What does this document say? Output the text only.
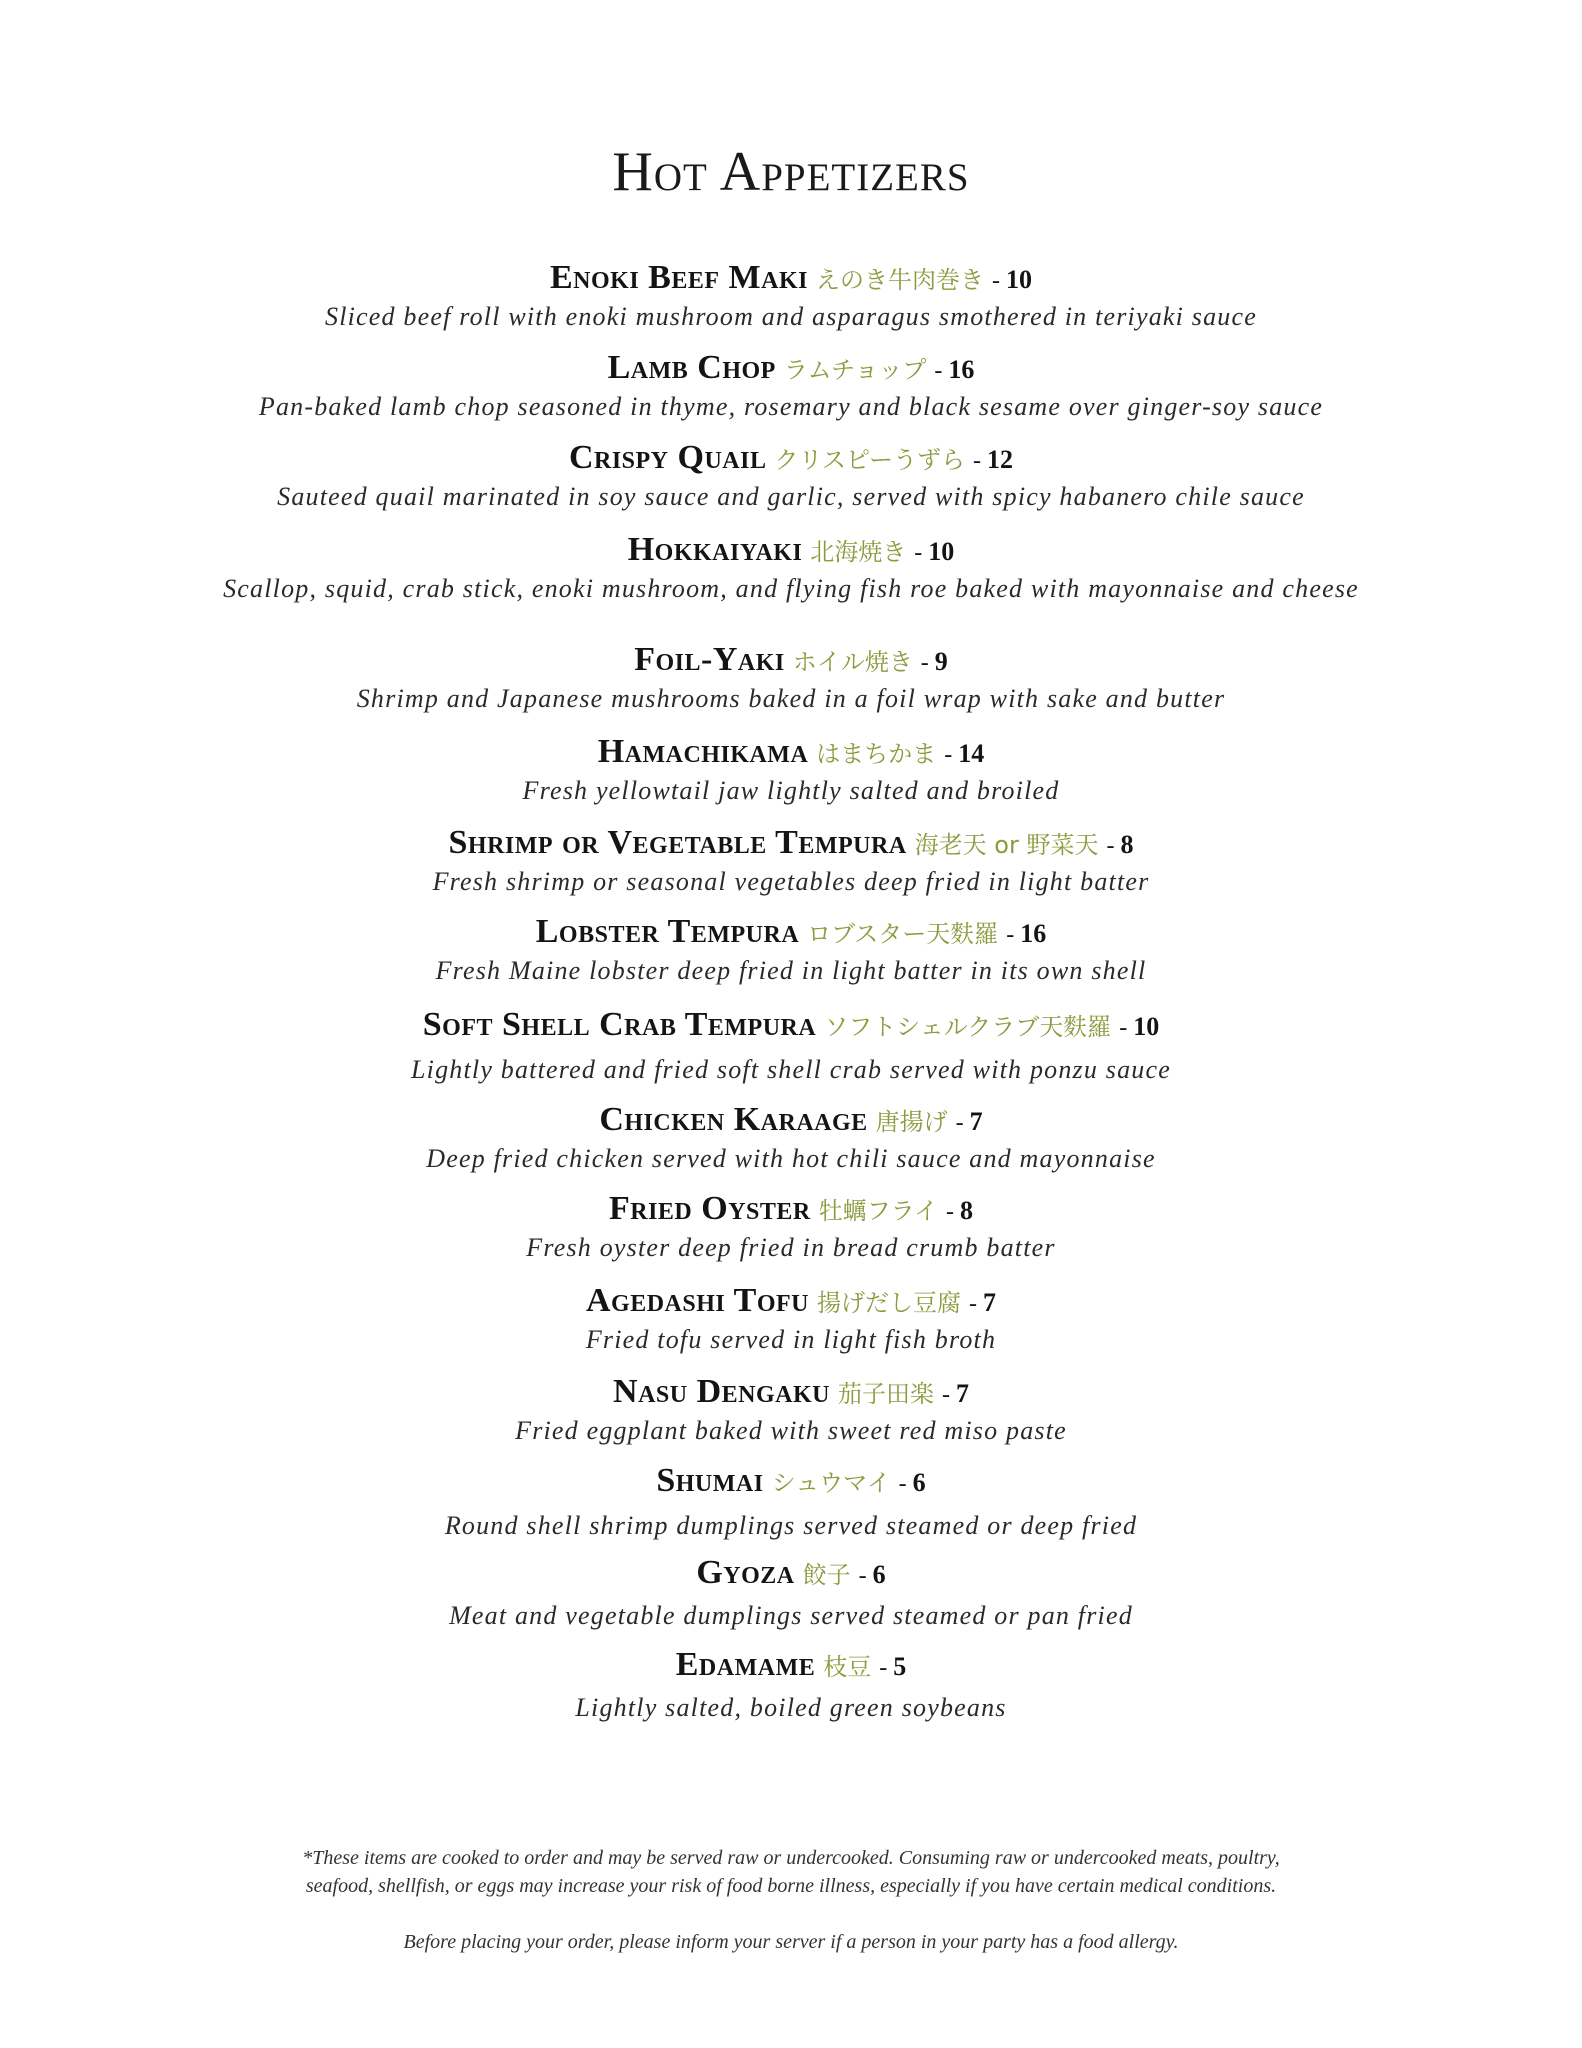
Hot Appetizers
Enoki Beef Maki えのき牛肉巻き - 10
Sliced beef roll with enoki mushroom and asparagus smothered in teriyaki sauce
Lamb Chop ラムチョップ - 16
Pan-baked lamb chop seasoned in thyme, rosemary and black sesame over ginger-soy sauce
Crispy Quail クリスピーうずら - 12
Sauteed quail marinated in soy sauce and garlic, served with spicy habanero chile sauce
Hokkaiyaki 北海焼き - 10
Scallop, squid, crab stick, enoki mushroom, and flying fish roe baked with mayonnaise and cheese
Foil-Yaki ホイル焼き - 9
Shrimp and Japanese mushrooms baked in a foil wrap with sake and butter
Hamachikama はまちかま - 14
Fresh yellowtail jaw lightly salted and broiled
Shrimp or Vegetable Tempura 海老天 or 野菜天 - 8
Fresh shrimp or seasonal vegetables deep fried in light batter
Lobster Tempura ロブスター天麩羅 - 16
Fresh Maine lobster deep fried in light batter in its own shell
Soft Shell Crab Tempura ソフトシェルクラブ天麩羅 - 10
Lightly battered and fried soft shell crab served with ponzu sauce
Chicken Karaage 唐揚げ - 7
Deep fried chicken served with hot chili sauce and mayonnaise
Fried Oyster 牡蠣フライ - 8
Fresh oyster deep fried in bread crumb batter
Agedashi Tofu 揚げだし豆腐 - 7
Fried tofu served in light fish broth
Nasu Dengaku 茄子田楽 - 7
Fried eggplant baked with sweet red miso paste
Shumai シュウマイ - 6
Round shell shrimp dumplings served steamed or deep fried
Gyoza 餃子 - 6
Meat and vegetable dumplings served steamed or pan fried
Edamame 枝豆 - 5
Lightly salted, boiled green soybeans
*These items are cooked to order and may be served raw or undercooked. Consuming raw or undercooked meats, poultry,
seafood, shellfish, or eggs may increase your risk of food borne illness, especially if you have certain medical conditions.
Before placing your order, please inform your server if a person in your party has a food allergy.
